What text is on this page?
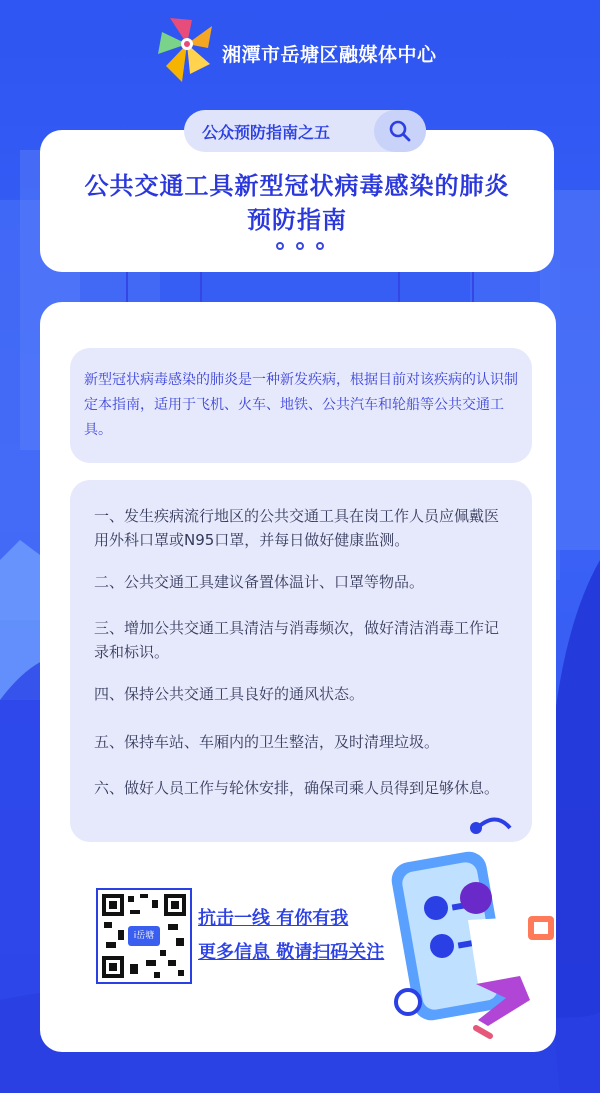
湘潭市岳塘区融媒体中心
公共交通工具新型冠状病毒感染的肺炎
预防指南
公众预防指南之五
新型冠状病毒感染的肺炎是一种新发疾病，根据目前对该疾病的认识制定本指南，适用于飞机、火车、地铁、公共汽车和轮船等公共交通工具。
一、发生疾病流行地区的公共交通工具在岗工作人员应佩戴医用外科口罩或N95口罩，并每日做好健康监测。
二、公共交通工具建议备置体温计、口罩等物品。
三、增加公共交通工具清洁与消毒频次，做好清洁消毒工作记录和标识。
四、保持公共交通工具良好的通风状态。
五、保持车站、车厢内的卫生整洁，及时清理垃圾。
六、做好人员工作与轮休安排，确保司乘人员得到足够休息。
i岳塘
抗击一线 有你有我
更多信息 敬请扫码关注
